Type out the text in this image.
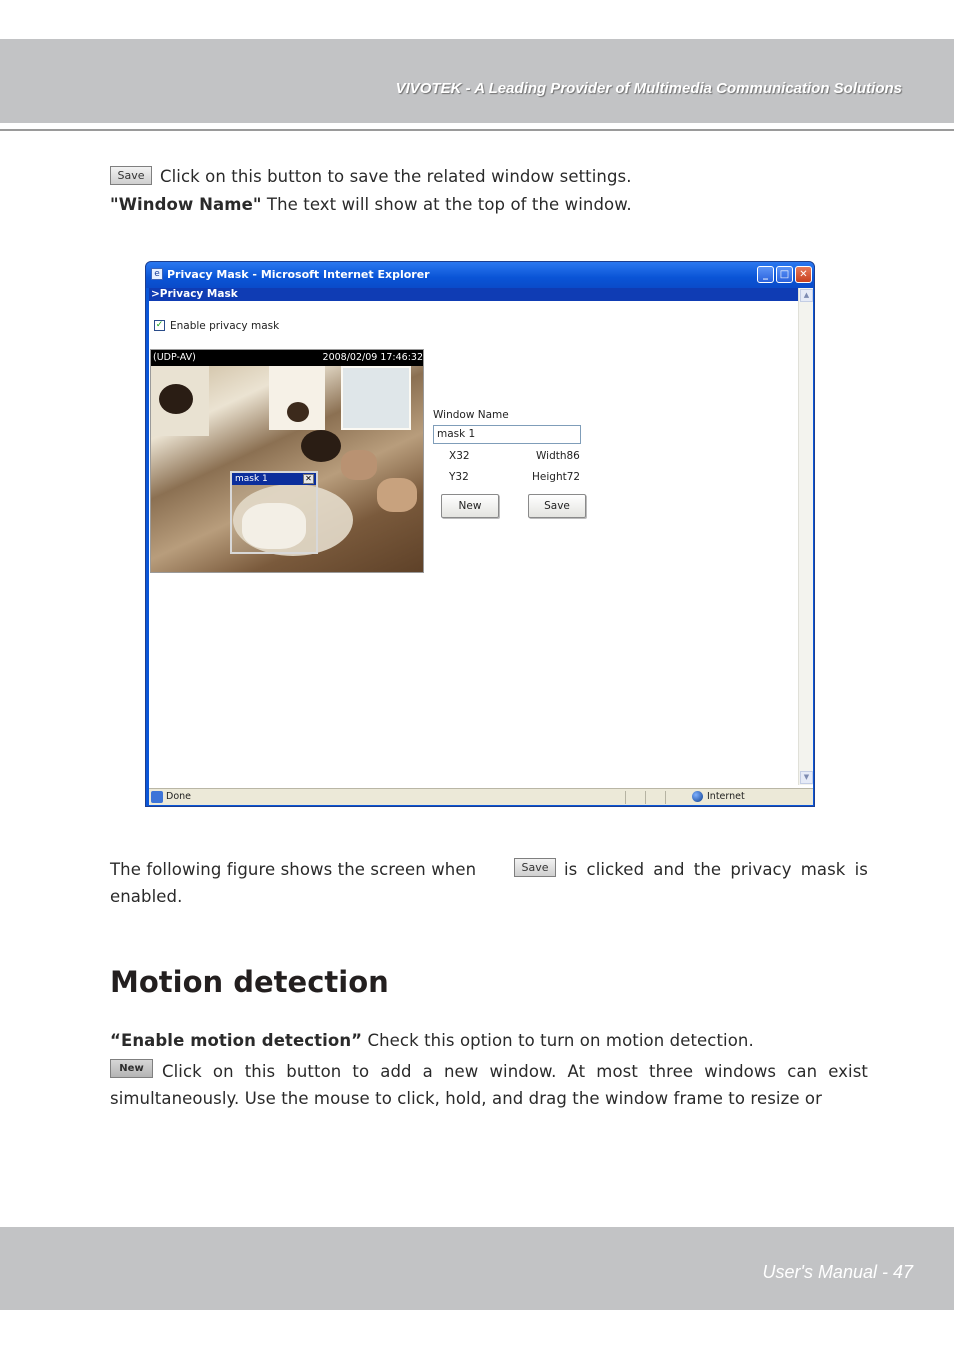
VIVOTEK - A Leading Provider of Multimedia Communication Solutions
Save Click on this button to save the related window settings.
"Window Name" The text will show at the top of the window.
e Privacy Mask - Microsoft Internet Explorer	_	□	✕
>Privacy Mask	▲
▼
✓ Enable privacy mask
(UDP-AV)	2008/02/09 17:46:32
mask 1	✕
Window Name
mask 1
X32	Width86
Y32	Height72
New	Save
Done	Internet
The following figure shows the screen when	Save is clicked and the privacy mask is
enabled.
Motion detection
“Enable motion detection” Check this option to turn on motion detection.
New	Click on this button to add a new window. At most three windows can exist
simultaneously. Use the mouse to click, hold, and drag the window frame to resize or
User's Manual - 47
